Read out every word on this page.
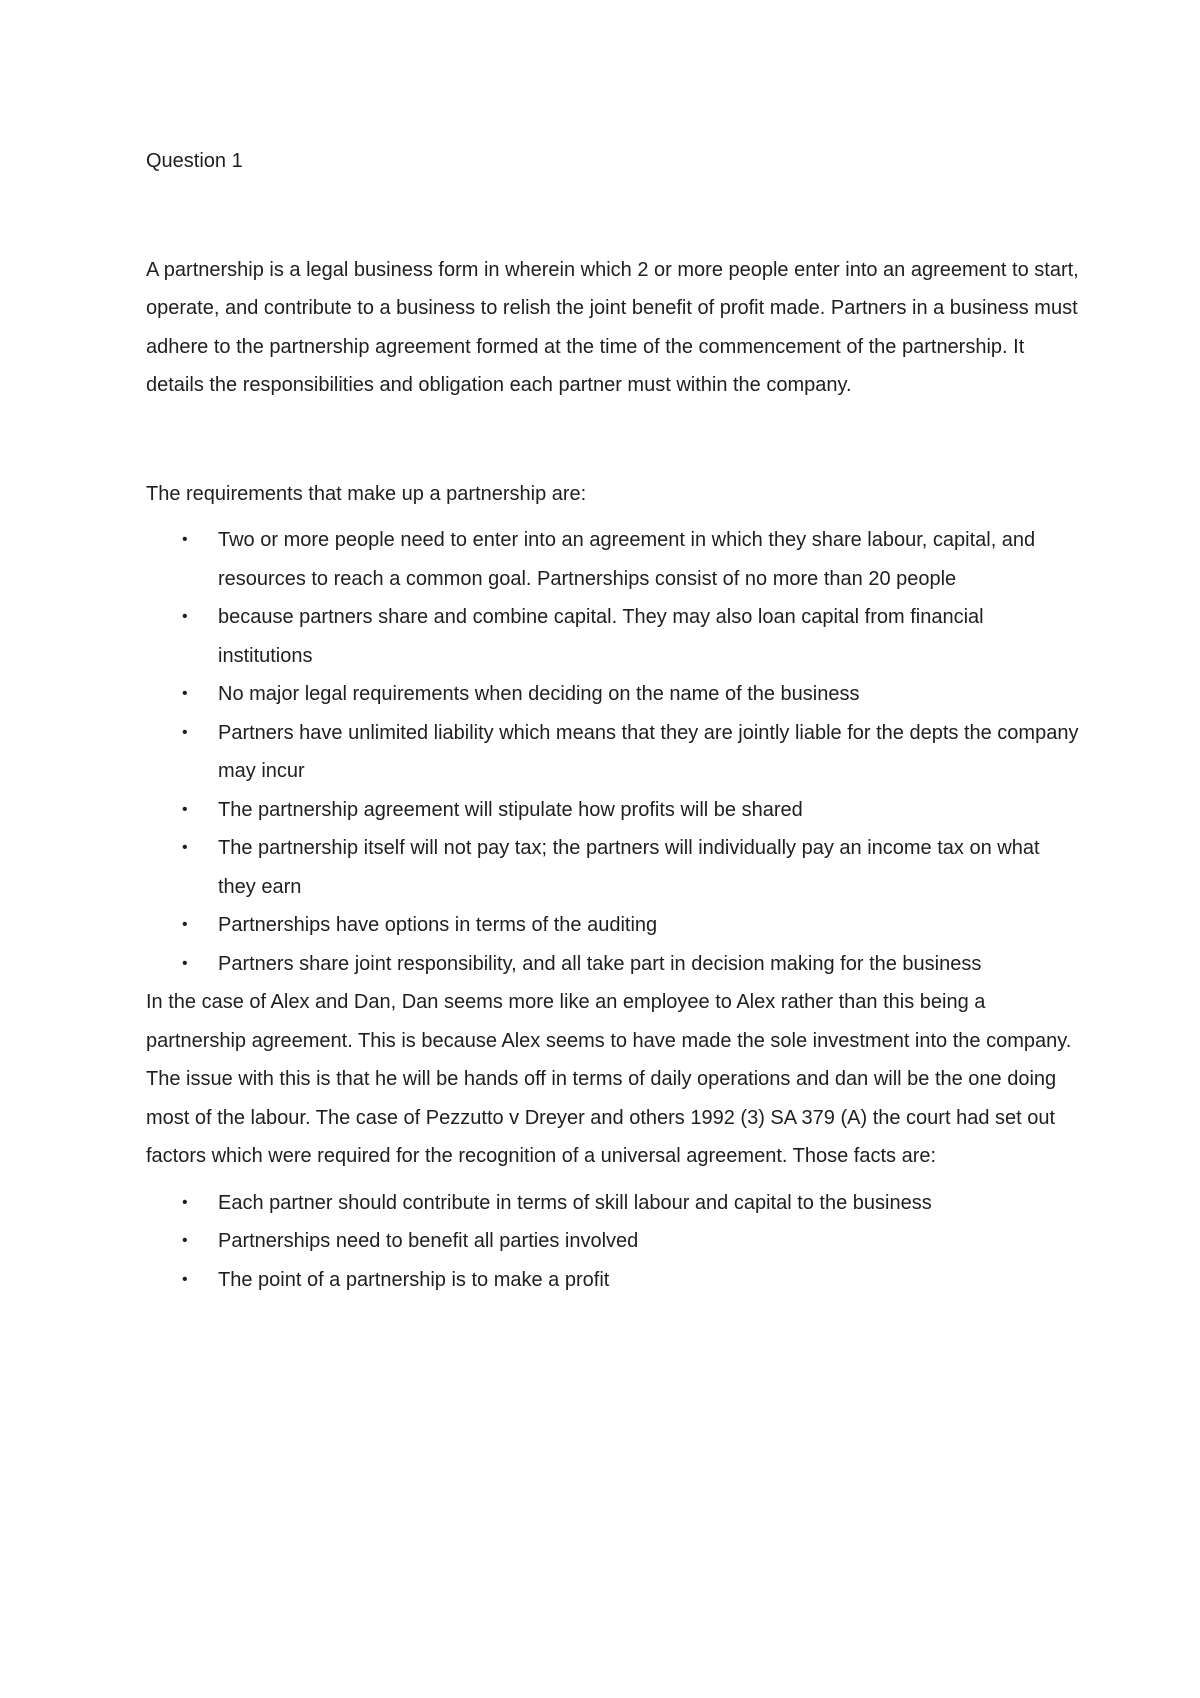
Question 1

A partnership is a legal business form in wherein which 2 or more people enter into an agreement to start, operate, and contribute to a business to relish the joint benefit of profit made. Partners in a business must adhere to the partnership agreement formed at the time of the commencement of the partnership. It details the responsibilities and obligation each partner must within the company.

The requirements that make up a partnership are:

• Two or more people need to enter into an agreement in which they share labour, capital, and resources to reach a common goal. Partnerships consist of no more than 20 people
• because partners share and combine capital. They may also loan capital from financial institutions
• No major legal requirements when deciding on the name of the business
• Partners have unlimited liability which means that they are jointly liable for the depts the company may incur
• The partnership agreement will stipulate how profits will be shared
• The partnership itself will not pay tax; the partners will individually pay an income tax on what they earn
• Partnerships have options in terms of the auditing
• Partners share joint responsibility, and all take part in decision making for the business

In the case of Alex and Dan, Dan seems more like an employee to Alex rather than this being a partnership agreement. This is because Alex seems to have made the sole investment into the company. The issue with this is that he will be hands off in terms of daily operations and dan will be the one doing most of the labour. The case of Pezzutto v Dreyer and others 1992 (3) SA 379 (A) the court had set out factors which were required for the recognition of a universal agreement. Those facts are:

• Each partner should contribute in terms of skill labour and capital to the business
• Partnerships need to benefit all parties involved
• The point of a partnership is to make a profit
